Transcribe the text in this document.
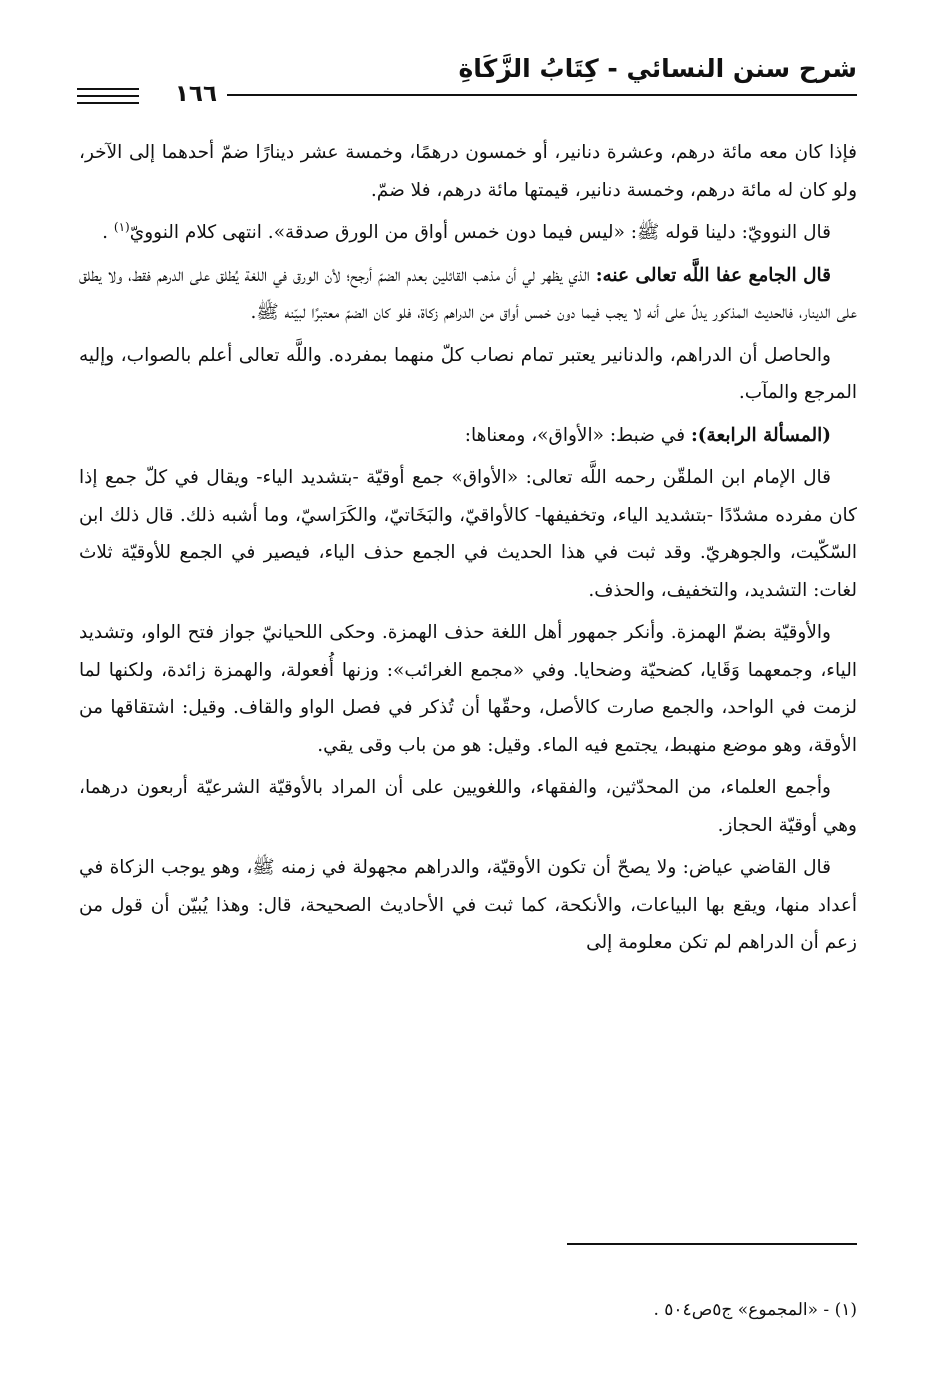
شرح سنن النسائي - كِتَابُ الزَّكَاةِ
١٦٦

فإذا كان معه مائة درهم، وعشرة دنانير، أو خمسون درهمًا، وخمسة عشر دينارًا ضمّ أحدهما إلى الآخر، ولو كان له مائة درهم، وخمسة دنانير، قيمتها مائة درهم، فلا ضمّ.

قال النوويّ: دلينا قوله ﷺ: «ليس فيما دون خمس أواق من الورق صدقة». انتهى كلام النوويّ$^{(١)}$ .

قال الجامع عفا اللَّه تعالى عنه: الذي يظهر لي أن مذهب القائلين بعدم الضمّ أرجح؛ لأن الورق في اللغة يُطلق على الدرهم فقط، ولا يطلق على الدينار، فالحديث المذكور يدلّ على أنه لا يجب فيما دون خمس أواق من الدراهم زكاة، فلو كان الضمّ معتبرًا لبيّنه ﷺ.

والحاصل أن الدراهم، والدنانير يعتبر تمام نصاب كلّ منهما بمفرده. واللَّه تعالى أعلم بالصواب، وإليه المرجع والمآب.

(المسألة الرابعة): في ضبط: «الأواق»، ومعناها:

قال الإمام ابن الملقّن رحمه اللَّه تعالى: «الأواق» جمع أوقيّة -بتشديد الياء- ويقال في كلّ جمع إذا كان مفرده مشدّدًا -بتشديد الياء، وتخفيفها- كالأواقيّ، والبَخَاتيّ، والكَرَاسيّ، وما أشبه ذلك. قال ذلك ابن السّكّيت، والجوهريّ. وقد ثبت في هذا الحديث في الجمع حذف الياء، فيصير في الجمع للأوقيّة ثلاث لغات: التشديد، والتخفيف، والحذف.

والأوقيّة بضمّ الهمزة. وأنكر جمهور أهل اللغة حذف الهمزة. وحكى اللحيانيّ جواز فتح الواو، وتشديد الياء، وجمعهما وَقَايا، كضحيّة وضحايا. وفي «مجمع الغرائب»: وزنها أُفعولة، والهمزة زائدة، ولكنها لما لزمت في الواحد، والجمع صارت كالأصل، وحقّها أن تُذكر في فصل الواو والقاف. وقيل: اشتقاقها من الأوقة، وهو موضع منهبط، يجتمع فيه الماء. وقيل: هو من باب وقى يقي.

وأجمع العلماء، من المحدّثين، والفقهاء، واللغويين على أن المراد بالأوقيّة الشرعيّة أربعون درهما، وهي أوقيّة الحجاز.

قال القاضي عياض: ولا يصحّ أن تكون الأوقيّة، والدراهم مجهولة في زمنه ﷺ، وهو يوجب الزكاة في أعداد منها، ويقع بها البياعات، والأنكحة، كما ثبت في الأحاديث الصحيحة، قال: وهذا يُبيّن أن قول من زعم أن الدراهم لم تكن معلومة إلى

(١) - «المجموع» ج٥ص٥٠٤ .
